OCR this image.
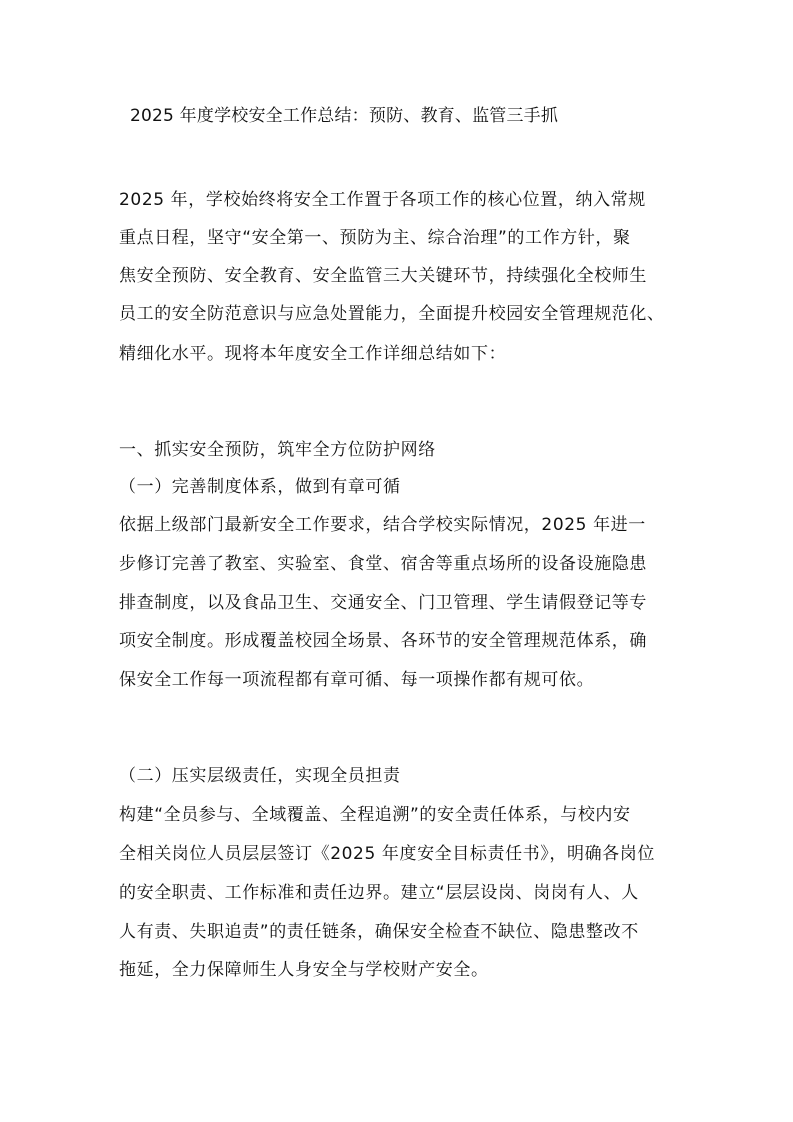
2025 年度学校安全工作总结：预防、教育、监管三手抓
2025 年，学校始终将安全工作置于各项工作的核心位置，纳入常规
重点日程，坚守“安全第一、预防为主、综合治理”的工作方针，聚
焦安全预防、安全教育、安全监管三大关键环节，持续强化全校师生
员工的安全防范意识与应急处置能力，全面提升校园安全管理规范化、
精细化水平。现将本年度安全工作详细总结如下：
一、抓实安全预防，筑牢全方位防护网络
（一）完善制度体系，做到有章可循
依据上级部门最新安全工作要求，结合学校实际情况，2025 年进一
步修订完善了教室、实验室、食堂、宿舍等重点场所的设备设施隐患
排查制度，以及食品卫生、交通安全、门卫管理、学生请假登记等专
项安全制度。形成覆盖校园全场景、各环节的安全管理规范体系，确
保安全工作每一项流程都有章可循、每一项操作都有规可依。
（二）压实层级责任，实现全员担责
构建“全员参与、全域覆盖、全程追溯”的安全责任体系，与校内安
全相关岗位人员层层签订《2025 年度安全目标责任书》，明确各岗位
的安全职责、工作标准和责任边界。建立“层层设岗、岗岗有人、人
人有责、失职追责”的责任链条，确保安全检查不缺位、隐患整改不
拖延，全力保障师生人身安全与学校财产安全。
